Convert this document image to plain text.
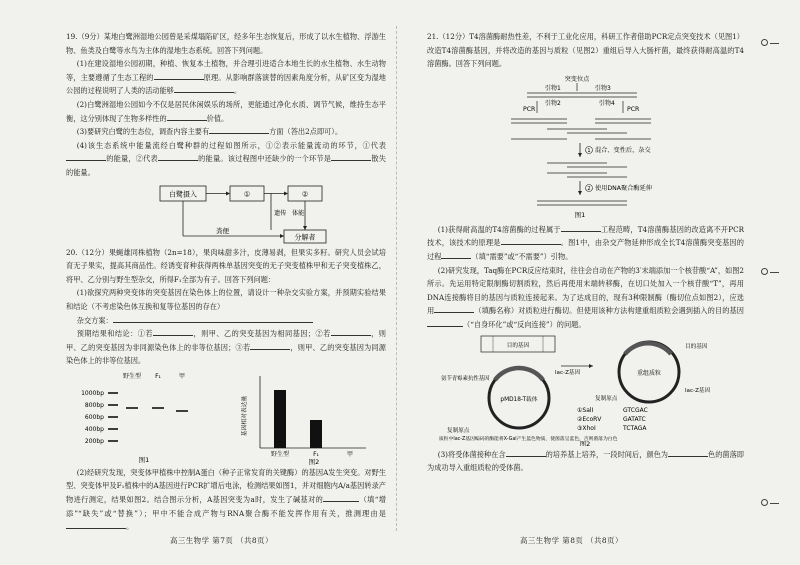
19.（9分）某地白鹭洲湿地公园曾是采煤塌陷矿区，经多年生态恢复后，形成了以水生植物、浮游生物、鱼类及白鹭等水鸟为主体的湿地生态系统。回答下列问题。

(1)在建设湿地公园初期，种植、恢复本土植物，并合理引进适合本地生长的水生植物、水生动物等，主要遵循了生态工程的	原理。从影响群落演替的因素角度分析，从矿区变为湿地公园的过程说明了人类的活动能够	。

(2)白鹭洲湿地公园如今不仅是居民休闲娱乐的场所，更能通过净化水质、调节气候，维持生态平衡，这分别体现了生物多样性的	价值。

(3)要研究白鹭的生态位，调查内容主要有	方面（答出2点即可）。

(4)该生态系统中能量流经白鹭种群的过程如图所示，①②表示能量流动的环节，①代表的能量，②代表	的能量。该过程图中还缺少的一个环节是	散失的能量。

白鹭摄入	①	②
遗传 体能
粪便
分解者

20.（12分）果蝇雄同株植物（2n=18），果肉味甜多汁，皮薄易剥，但果实多籽。研究人员会试培育无子果实，提高其商品性。经诱变育种获得两株单基因突变的无子突变植株甲和无子突变植株乙，将甲、乙分别与野生型杂交，所得F₁全部为有子。回答下列问题：

(1)欲探究两种突变体的突变基因在染色体上的位置，请设计一种杂交实验方案，并预期实验结果和结论（不考虑染色体互换和复等位基因的存在）

杂交方案：

预期结果和结论：①若	，则甲、乙的突变基因为相同基因；②若	，则甲、乙的突变基因为非同源染色体上的非等位基因；③若	，则甲、乙的突变基因为同源染色体上的非等位基因。

野生型 F₁	甲
1000bp
800bp
600bp
400bp
200bp
图1
基因相对表达量
野生型	F₁	甲
图2

(2)经研究发现，突变体甲植株中控制A蛋白（种子正常发育的关键酶）的基因A发生突变。对野生型、突变体甲及F₁植株中的A基因进行PCR扩增后电泳，检测结果如图1，并对细胞内A/a基因转录产物进行测定，结果如图2。结合图示分析，A基因突变为a时，发生了碱基对的	（填“增添”“缺失”或“替换”）；甲中不能合成产物与RNA聚合酶不能发挥作用有关，推测理由是。

高三生物学 第7页 （共8页）

21.（12分）T4溶菌酶耐热性差，不利于工业化应用，科研工作者借助PCR定点突变技术（见图1）改造T4溶菌酶基因，并将改造的基因与质粒（见图2）重组后导入大肠杆菌，最终获得耐高温的T4溶菌酶。回答下列问题。

突变位点
引物1
引物2
引物3
引物4
PCR	PCR
1 混合、变性后，杂交
2 使用DNA聚合酶延伸
图1

(1)获得耐高温的T4溶菌酶的过程属于	工程范畴，T4溶菌酶基因的改造离不开PCR技术，该技术的原理是	。图1中，由杂交产物延伸形成全长T4溶菌酶突变基因的过程	（填“需要”或“不需要”）引物。

(2)研究发现，Taq酶在PCR反应结束时，往往会自动在产物的3′末端添加一个核苷酸“A”，如图2所示。先运用特定限制酶切割质粒，然后再使用末端转移酶，在切口处加入一个核苷酸“T”，再用DNA连接酶将目的基因与质粒连接起来。为了达成目的，现有3种限制酶（酶切位点如图2），应选用	（填酶名称）对质粒进行酶切。但使用该种方法构建重组质粒会遇到插入的目的基因（“自身环化”或“反向连接”）的问题。

目的基因
pMD18-T载体
氨苄青霉素抗性基因
复制原点
lac-Z基因	重组质粒
目的基因
lac-Z基因
复制原点
①SalⅠ	GTCGAC
②EcoRⅤ	GATATC
③XhoⅠ	TCTAGA
质粒中lac-Z基因编码的酶能将X-Gal产生蓝色物质，使菌落呈蓝色，否则菌落为白色
图2

(3)将受体菌接种在含	的培养基上培养，一段时间后，颜色为	色的菌落即为成功导入重组质粒的受体菌。

高三生物学 第8页 （共8页）
